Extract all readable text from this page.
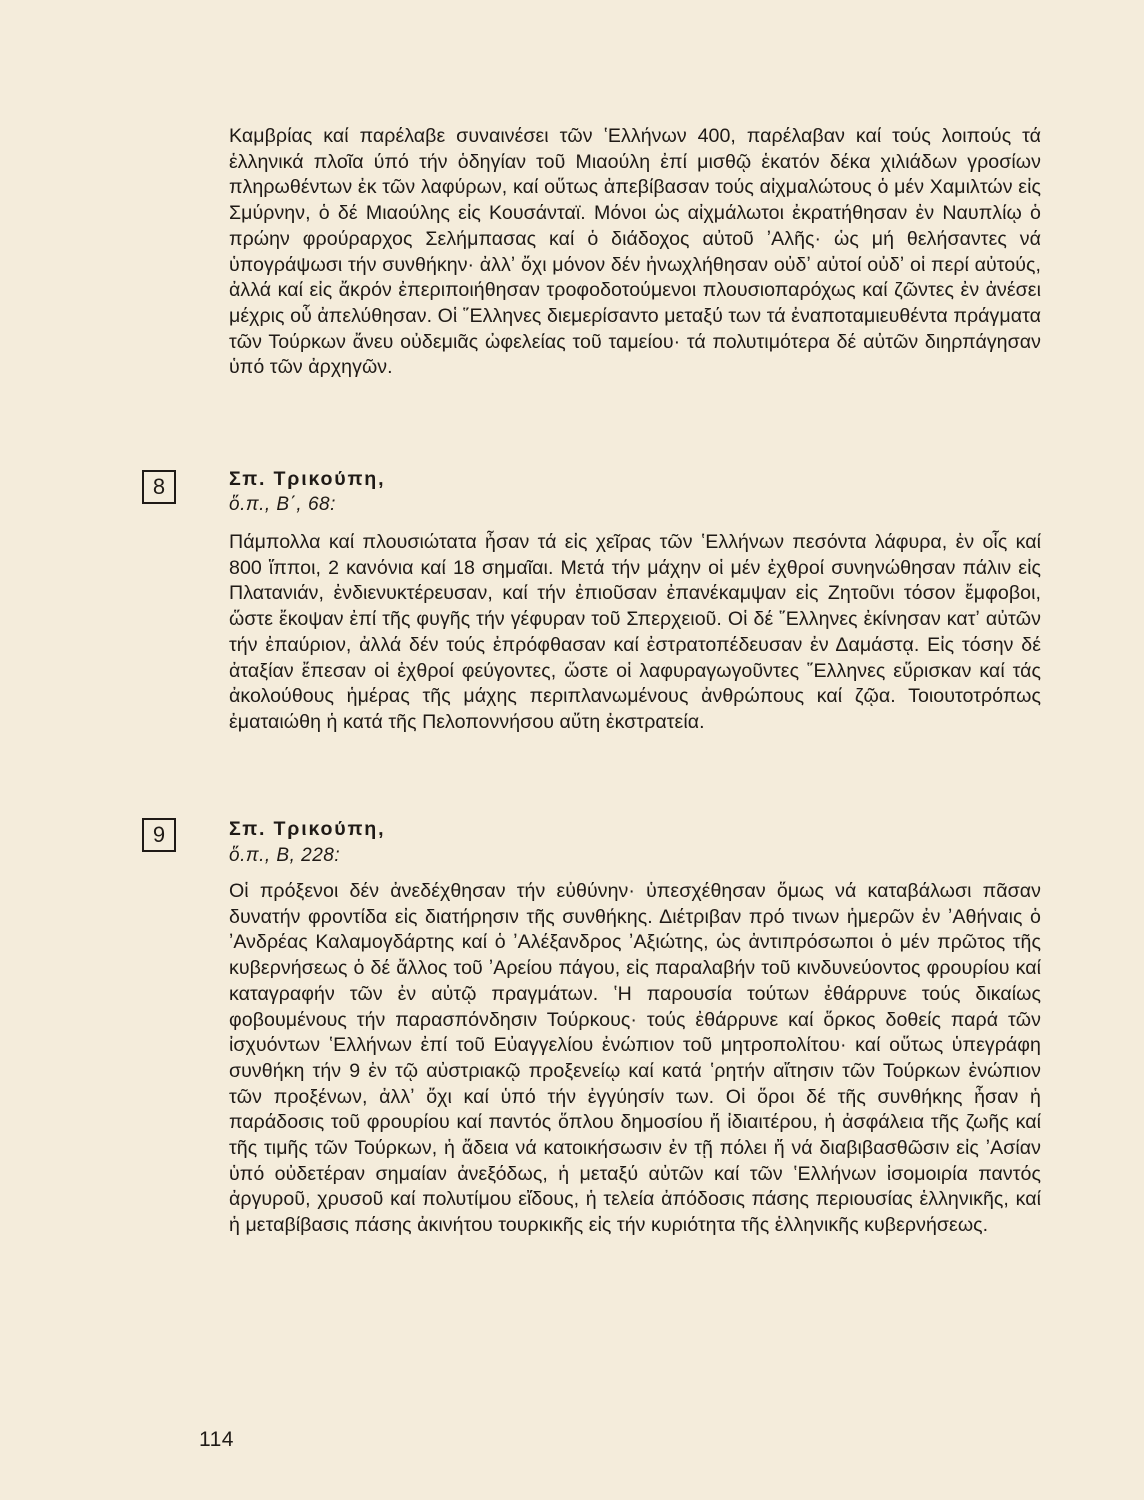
Καμβρίας καί παρέλαβε συναινέσει τῶν ʽΕλλήνων 400, παρέλαβαν καί τούς λοιπούς τά ἑλληνικά πλοῖα ύπό τήν ὁδηγίαν τοῦ Μιαούλη ἐπί μισθῷ ἑκατόν δέκα χιλιάδων γροσίων πληρωθέντων ἐκ τῶν λαφύρων, καί οὕτως ἀπεβίβασαν τούς αἰχμαλώτους ὁ μέν Χαμιλτών εἰς Σμύρνην, ὁ δέ Μιαούλης εἰς Κουσάνταϊ. Μόνοι ὡς αἰχμάλωτοι ἐκρατήθησαν ἐν Ναυπλίῳ ὁ πρώην φρούραρχος Σελήμπασας καί ὁ διάδοχος αὐτοῦ ʼΑλῆς· ὡς μή θελήσαντες νά ὑπογράψωσι τήν συνθήκην· ἀλλʼ ὄχι μόνον δέν ἠνωχλήθησαν οὐδʼ αὐτοί οὐδʼ οἱ περί αὐτούς, ἀλλά καί εἰς ἄκρόν ἐπεριποιήθησαν τροφοδοτούμενοι πλουσιοπαρόχως καί ζῶντες ἐν ἀνέσει μέχρις οὗ ἀπελύθησαν. Οἱ ῞Ελληνες διεμερίσαντο μεταξύ των τά ἐναποταμιευθέντα πράγματα τῶν Τούρκων ἄνευ οὐδεμιᾶς ὠφελείας τοῦ ταμείου· τά πολυτιμότερα δέ αὐτῶν διηρπάγησαν ὑπό τῶν ἀρχηγῶν.
8	Σπ. Τρικούπη,
ὅ.π., Β΄, 68:
Πάμπολλα καί πλουσιώτατα ἦσαν τά εἰς χεῖρας τῶν ʽΕλλήνων πεσόντα λάφυρα, ἐν οἷς καί 800 ἵπποι, 2 κανόνια καί 18 σημαῖαι. Μετά τήν μάχην οἱ μέν ἐχθροί συνηνώθησαν πάλιν εἰς Πλατανιάν, ἐνδιενυκτέρευσαν, καί τήν ἐπιοῦσαν ἐπανέκαμψαν εἰς Ζητοῦνι τόσον ἔμφοβοι, ὥστε ἔκοψαν ἐπί τῆς φυγῆς τήν γέφυραν τοῦ Σπερχειοῦ. Οἱ δέ ῞Ελληνες ἐκίνησαν κατʼ αὐτῶν τήν ἐπαύριον, ἀλλά δέν τούς ἐπρόφθασαν καί ἐστρατοπέδευσαν ἐν Δαμάστᾳ. Εἰς τόσην δέ ἀταξίαν ἔπεσαν οἱ ἐχθροί φεύγοντες, ὥστε οἱ λαφυραγωγοῦντες ῞Ελληνες εὕρισκαν καί τάς ἀκολούθους ἡμέρας τῆς μάχης περιπλανωμένους ἀνθρώπους καί ζῷα. Τοιουτοτρόπως ἐματαιώθη ἡ κατά τῆς Πελοποννήσου αὔτη ἐκστρατεία.
9	Σπ. Τρικούπη,
ὅ.π., Β, 228:
Οἱ πρόξενοι δέν ἀνεδέχθησαν τήν εὐθύνην· ὑπεσχέθησαν ὅμως νά καταβάλωσι πᾶσαν δυνατήν φροντίδα εἰς διατήρησιν τῆς συνθήκης. Διέτριβαν πρό τινων ἡμερῶν ἐν ʼΑθήναις ὁ ʼΑνδρέας Καλαμογδάρτης καί ὁ ʼΑλέξανδρος ʼΑξιώτης, ὡς ἀντιπρόσωποι ὁ μέν πρῶτος τῆς κυβερνήσεως ὁ δέ ἄλλος τοῦ ʼΑρείου πάγου, εἰς παραλαβήν τοῦ κινδυνεύοντος φρουρίου καί καταγραφήν τῶν ἐν αὐτῷ πραγμάτων. ʽΗ παρουσία τούτων ἐθάρρυνε τούς δικαίως φοβουμένους τήν παρασπόνδησιν Τούρκους· τούς ἐθάρρυνε καί ὅρκος δοθείς παρά τῶν ἰσχυόντων ʽΕλλήνων ἐπί τοῦ Εὐαγγελίου ἐνώπιον τοῦ μητροπολίτου· καί οὕτως ὑπεγράφη συνθήκη τήν 9 ἐν τῷ αὐστριακῷ προξενείῳ καί κατά ʽρητήν αἴτησιν τῶν Τούρκων ἐνώπιον τῶν προξένων, ἀλλʼ ὄχι καί ὑπό τήν ἐγγύησίν των. Οἱ ὅροι δέ τῆς συνθήκης ἦσαν ἡ παράδοσις τοῦ φρουρίου καί παντός ὅπλου δημοσίου ἤ ἰδιαιτέρου, ἡ ἀσφάλεια τῆς ζωῆς καί τῆς τιμῆς τῶν Τούρκων, ἡ ἄδεια νά κατοικήσωσιν ἐν τῇ πόλει ἤ νά διαβιβασθῶσιν εἰς ʼΑσίαν ὑπό οὐδετέραν σημαίαν ἀνεξόδως, ἡ μεταξύ αὐτῶν καί τῶν ʽΕλλήνων ἰσομοιρία παντός ἀργυροῦ, χρυσοῦ καί πολυτίμου εἴδους, ἡ τελεία ἀπόδοσις πάσης περιουσίας ἑλληνικῆς, καί ἡ μεταβίβασις πάσης ἀκινήτου τουρκικῆς εἰς τήν κυριότητα τῆς ἑλληνικῆς κυβερνήσεως.
114
